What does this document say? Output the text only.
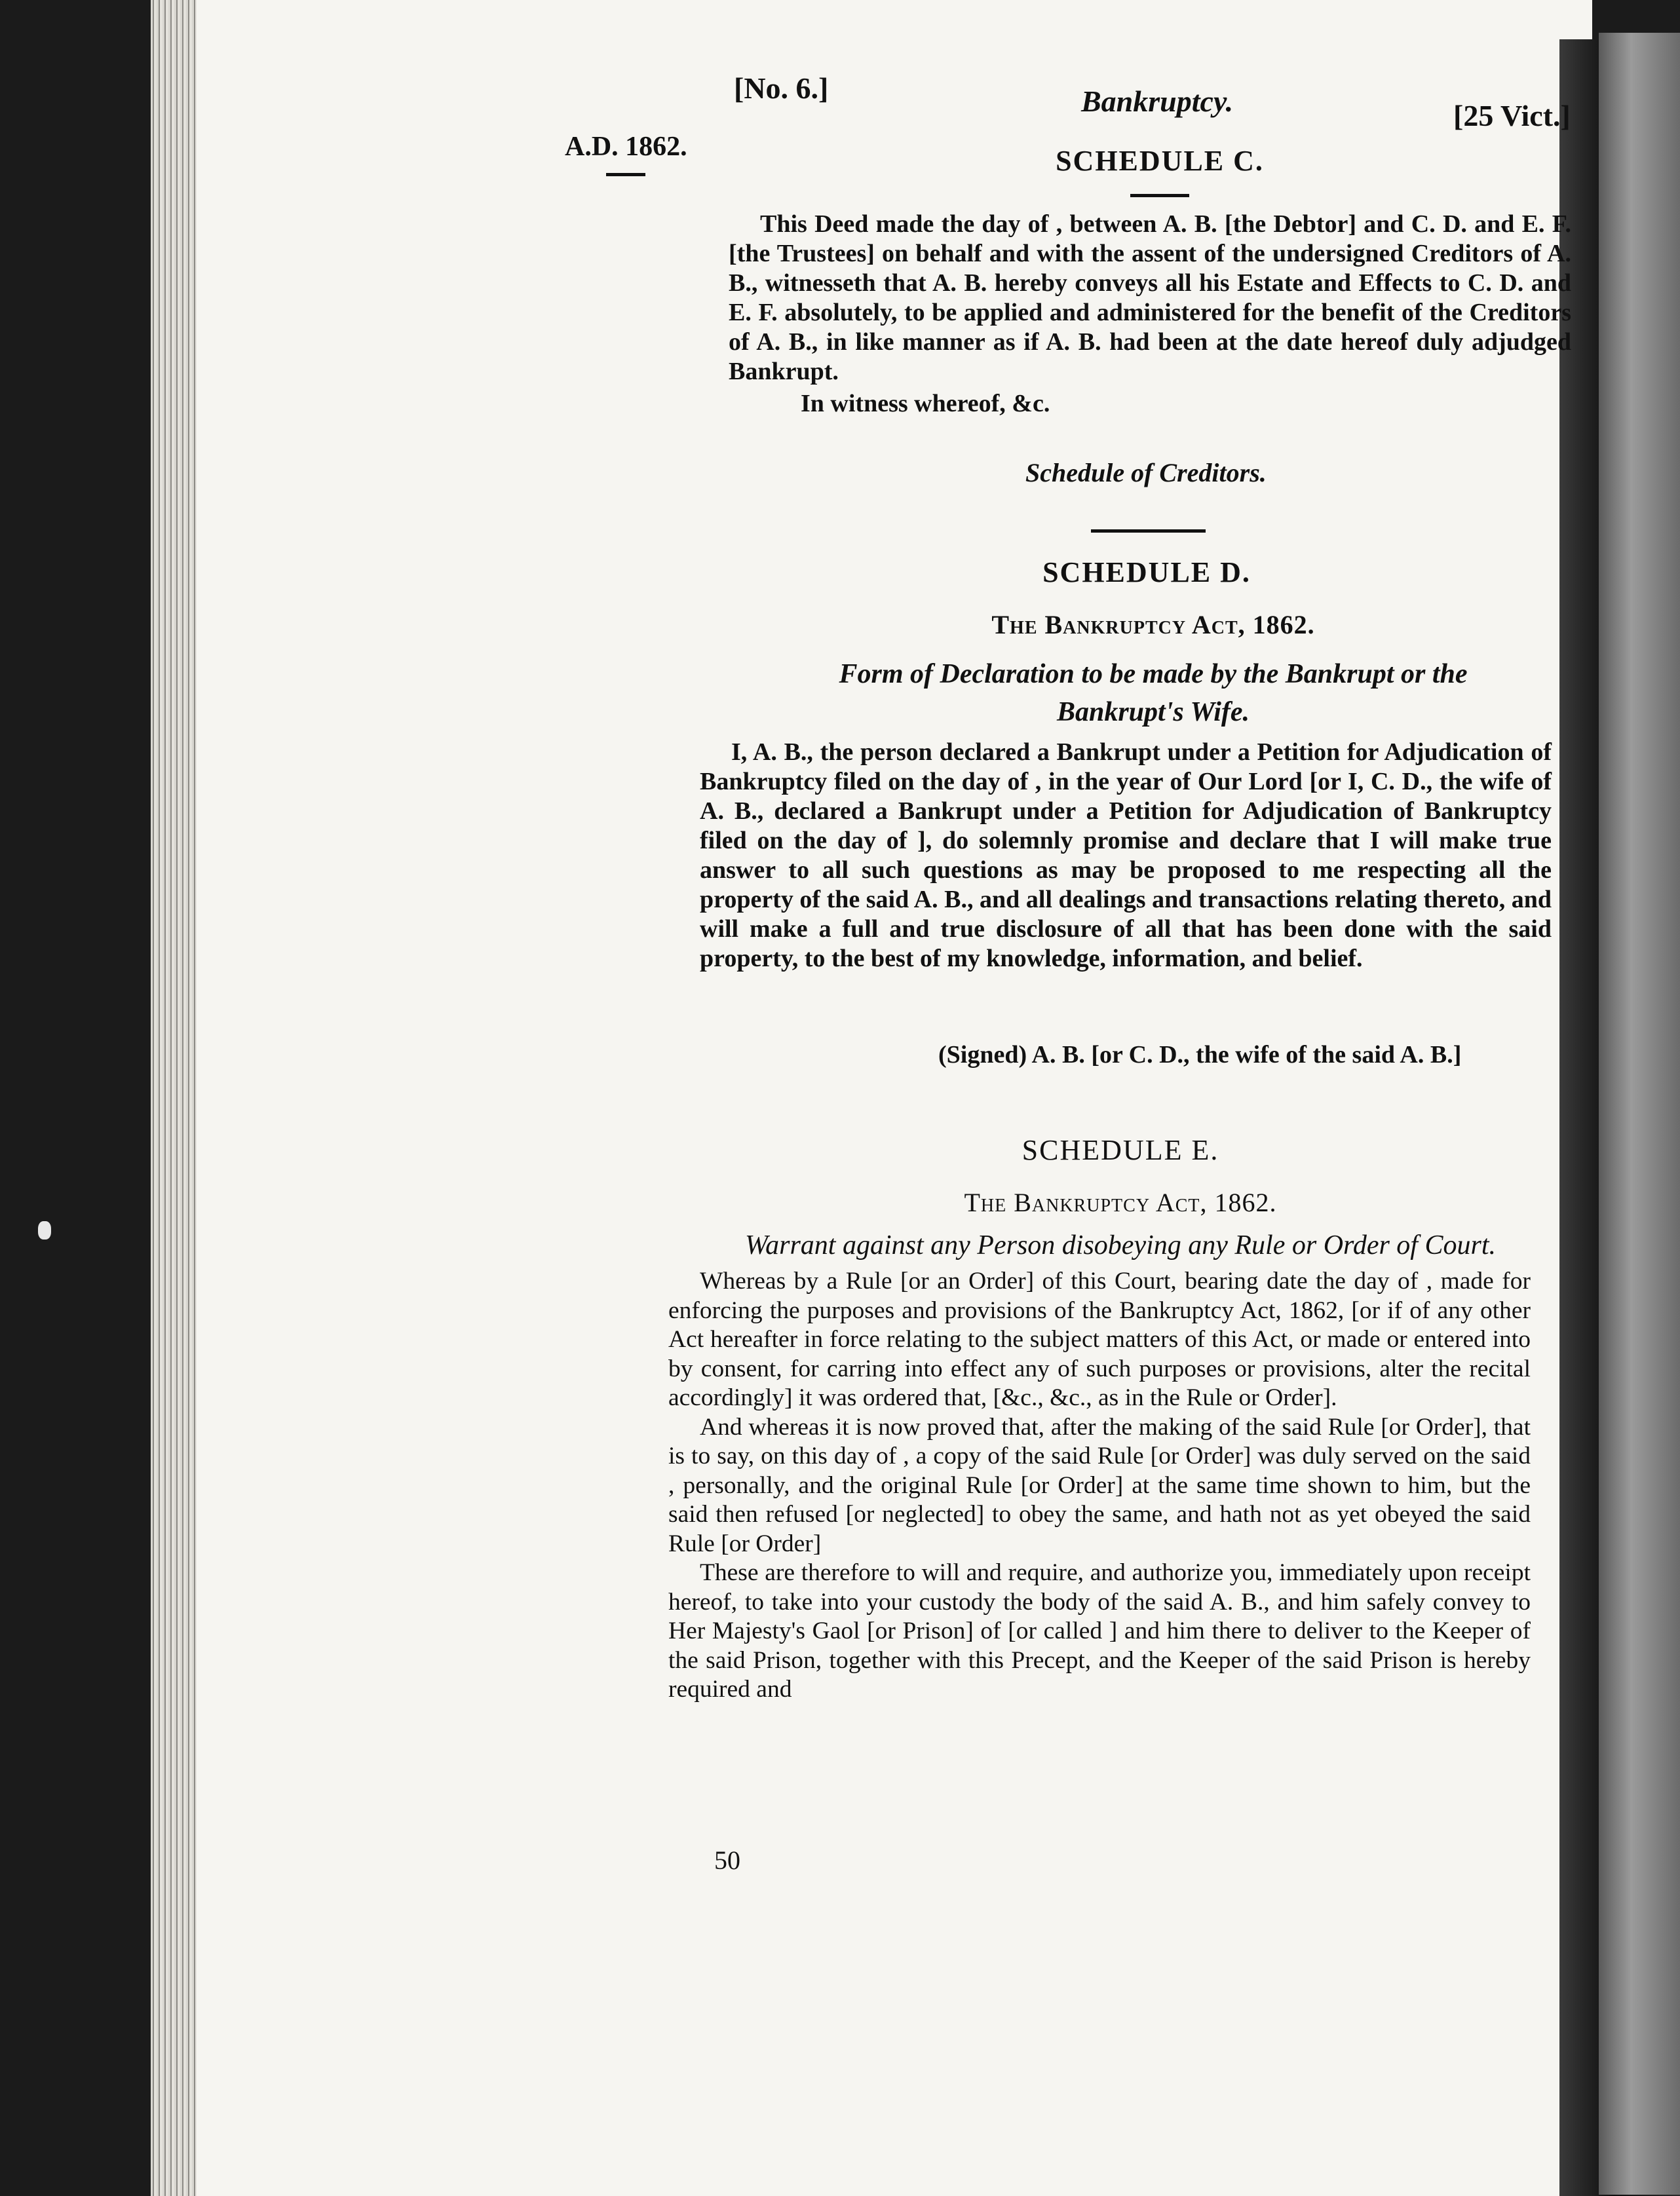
[No. 6.]	Bankruptcy.	[25 Vict.]
A.D. 1862.	SCHEDULE C.

This Deed made the day of , between A. B. [the Debtor] and C. D. and E. F. [the Trustees] on behalf and with the assent of the undersigned Creditors of A. B., witnesseth that A. B. hereby conveys all his Estate and Effects to C. D. and E. F. absolutely, to be applied and administered for the benefit of the Creditors of A. B., in like manner as if A. B. had been at the date hereof duly adjudged Bankrupt.

In witness whereof, &c.

Schedule of Creditors.
SCHEDULE D.
The Bankruptcy Act, 1862.
Form of Declaration to be made by the Bankrupt or the Bankrupt's Wife.

I, A. B., the person declared a Bankrupt under a Petition for Adjudication of Bankruptcy filed on the day of , in the year of Our Lord [or I, C. D., the wife of A. B., declared a Bankrupt under a Petition for Adjudication of Bankruptcy filed on the day of ], do solemnly promise and declare that I will make true answer to all such questions as may be proposed to me respecting all the property of the said A. B., and all dealings and transactions relating thereto, and will make a full and true disclosure of all that has been done with the said property, to the best of my knowledge, information, and belief.

(Signed) A. B. [or C. D., the wife of the said A. B.]
SCHEDULE E.
The Bankruptcy Act, 1862.
Warrant against any Person disobeying any Rule or Order of Court.

Whereas by a Rule [or an Order] of this Court, bearing date the day of , made for enforcing the purposes and provisions of the Bankruptcy Act, 1862, [or if of any other Act hereafter in force relating to the subject matters of this Act, or made or entered into by consent, for carring into effect any of such purposes or provisions, alter the recital accordingly] it was ordered that, [&c., &c., as in the Rule or Order].

And whereas it is now proved that, after the making of the said Rule [or Order], that is to say, on this day of , a copy of the said Rule [or Order] was duly served on the said , personally, and the original Rule [or Order] at the same time shown to him, but the said then refused [or neglected] to obey the same, and hath not as yet obeyed the said Rule [or Order]

These are therefore to will and require, and authorize you, immediately upon receipt hereof, to take into your custody the body of the said A. B., and him safely convey to Her Majesty's Gaol [or Prison] of [or called ] and him there to deliver to the Keeper of the said Prison, together with this Precept, and the Keeper of the said Prison is hereby required and

50
